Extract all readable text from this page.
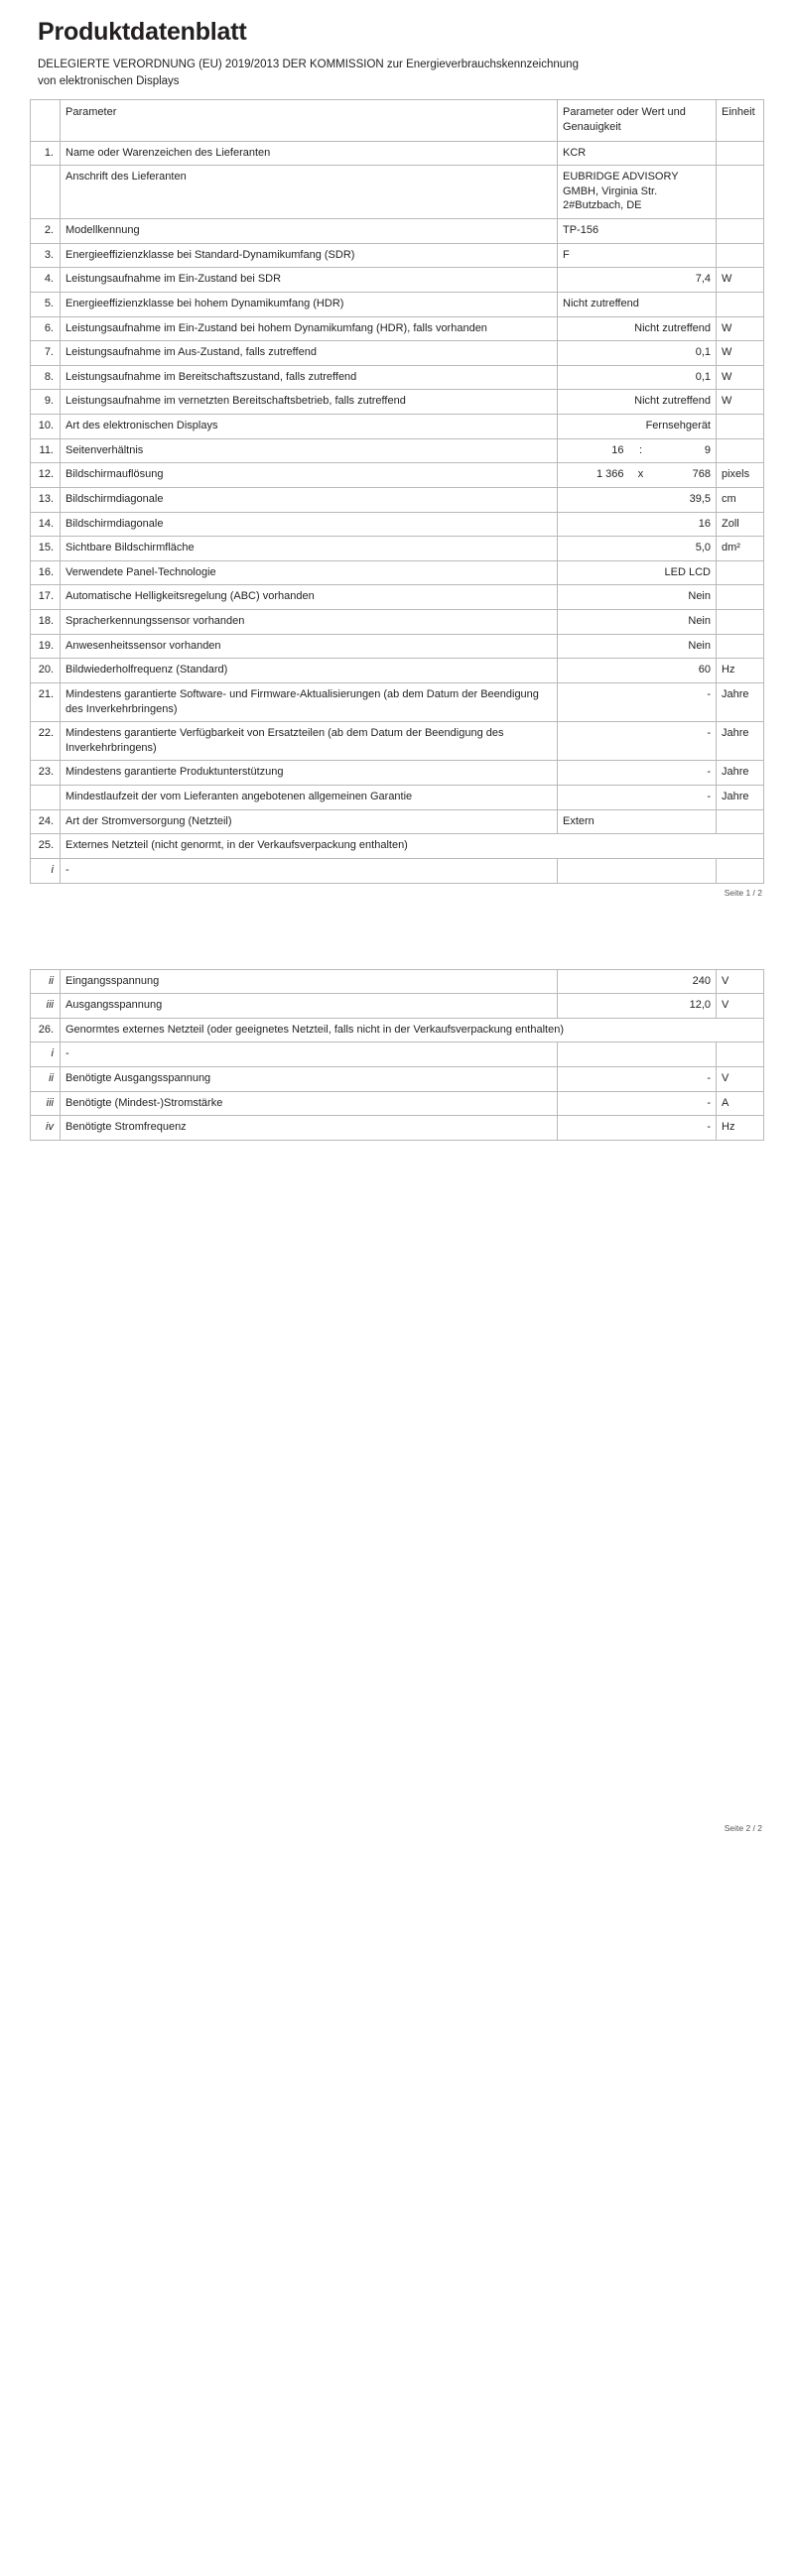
Produktdatenblatt
DELEGIERTE VERORDNUNG (EU) 2019/2013 DER KOMMISSION zur Energieverbrauchskennzeichnung von elektronischen Displays
	Parameter	Parameter oder Wert und Genauigkeit	Einheit
1.	Name oder Warenzeichen des Lieferanten	KCR	
	Anschrift des Lieferanten	EUBRIDGE ADVISORY GMBH, Virginia Str. 2#Butzbach, DE	
2.	Modellkennung	TP-156	
3.	Energieeffizienzklasse bei Standard-Dynamikumfang (SDR)	F	
4.	Leistungsaufnahme im Ein-Zustand bei SDR	7,4	W
5.	Energieeffizienzklasse bei hohem Dynamikumfang (HDR)	Nicht zutreffend	
6.	Leistungsaufnahme im Ein-Zustand bei hohem Dynamikumfang (HDR), falls vorhanden	Nicht zutreffend	W
7.	Leistungsaufnahme im Aus-Zustand, falls zutreffend	0,1	W
8.	Leistungsaufnahme im Bereitschaftszustand, falls zutreffend	0,1	W
9.	Leistungsaufnahme im vernetzten Bereitschaftsbetrieb, falls zutreffend	Nicht zutreffend	W
10.	Art des elektronischen Displays	Fernsehgerät	
11.	Seitenverhältnis	16 : 9	

12.	Bildschirmauflösung	1 366 x 768	pixels
13.	Bildschirmdiagonale	39,5	cm
14.	Bildschirmdiagonale	16	Zoll
15.	Sichtbare Bildschirmfläche	5,0	dm²
16.	Verwendete Panel-Technologie	LED LCD	
17.	Automatische Helligkeitsregelung (ABC) vorhanden	Nein	
18.	Spracherkennungssensor vorhanden	Nein	
19.	Anwesenheitssensor vorhanden	Nein	
20.	Bildwiederholfrequenz (Standard)	60	Hz
21.	Mindestens garantierte Software- und Firmware-Aktualisierungen (ab dem Datum der Beendigung des Inverkehrbringens)	-	Jahre
22.	Mindestens garantierte Verfügbarkeit von Ersatzteilen (ab dem Datum der Beendigung des Inverkehrbringens)	-	Jahre
23.	Mindestens garantierte Produktunterstützung	-	Jahre
	Mindestlaufzeit der vom Lieferanten angebotenen allgemeinen Garantie	-	Jahre
24.	Art der Stromversorgung (Netzteil)	Extern	
25.	Externes Netzteil (nicht genormt, in der Verkaufsverpackung enthalten)		
i	-		
Seite 1 / 2
ii	Eingangsspannung	240	V
iii	Ausgangsspannung	12,0	V
26.	Genormtes externes Netzteil (oder geeignetes Netzteil, falls nicht in der Verkaufsverpackung enthalten)		
i	-		
ii	Benötigte Ausgangsspannung	-	V
iii	Benötigte (Mindest-)Stromstärke	-	A
iv	Benötigte Stromfrequenz	-	Hz
Seite 2 / 2
